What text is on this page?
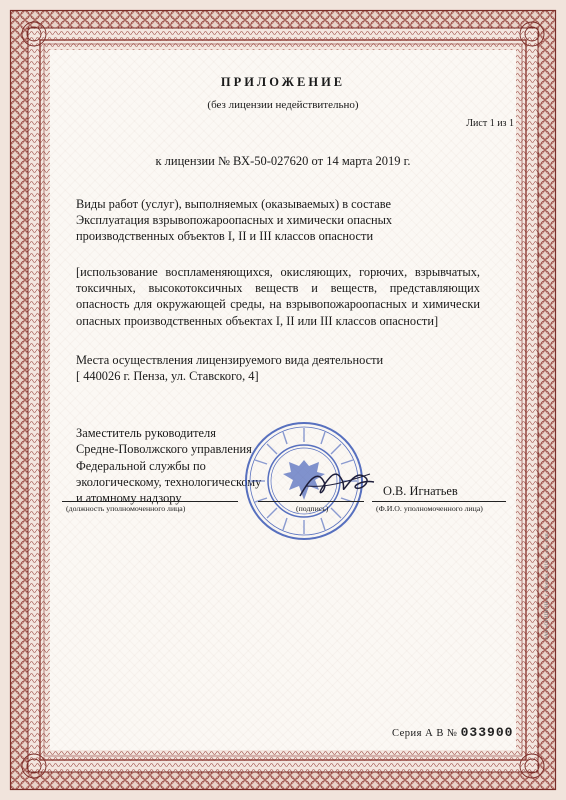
ПРИЛОЖЕНИЕ
(без лицензии недействительно)
Лист 1 из 1
к лицензии № ВХ-50-027620 от 14 марта 2019 г.
Виды работ (услуг), выполняемых (оказываемых) в составе
Эксплуатация взрывопожароопасных и химически опасных
производственных объектов I, II и III классов опасности
[использование воспламеняющихся, окисляющих, горючих, взрывчатых, токсичных, высокотоксичных веществ и веществ, представляющих опасность для окружающей среды, на взрывопожароопасных и химически опасных производственных объектах I, II или III классов опасности]
Места осуществления лицензируемого вида деятельности
[ 440026 г. Пенза, ул. Ставского, 4]
Заместитель руководителя
Средне-Поволжского управления
Федеральной службы по
экологическому, технологическому
и атомному надзору
О.В. Игнатьев
(должность уполномоченного лица)	(подпись)	(Ф.И.О. уполномоченного лица)
Серия А В № 033900
ЗАО «ОПЦИОН», г. Москва, 2018 г., «Б», тип. А
